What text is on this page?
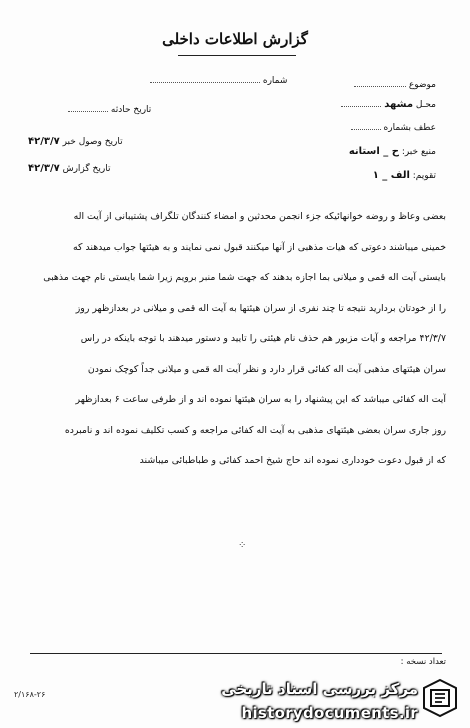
گزارش اطلاعات داخلی
موضوع
محـل مشهد
عطف بشماره
منبع خبر: ح _ استانه
تقویم: الف _ ۱
شماره
تاریخ حادثه
تاریخ وصول خبر ۴۲/۳/۷
تاریخ گزارش ۴۲/۳/۷

بعضی وعاظ و روضه خوانهائیکه جزء انجمن محدثین و امضاء کنندگان تلگراف پشتیبانی از آیت اله

خمینی میباشند دعوتی که هیات مذهبی از آنها میکنند قبول نمی نمایند و به هیئتها جواب میدهند که

بایستی آیت اله قمی و میلانی بما اجازه بدهند که جهت شما منبر برویم زیرا شما بایستی نام جهت مذهبی

را از خودتان بردارید نتیجه تا چند نفری از سران هیئتها به آیت اله قمی و میلانی در بعدازظهر روز

۴۲/۳/۷ مراجعه و آیات مزبور هم حذف نام هیئتی را تایید و دستور میدهند با توجه باینکه در راس

سران هیئتهای مذهبی آیت اله کفائی قرار دارد و نظر آیت اله قمی و میلانی جداً کوچک نمودن

آیت اله کفائی میباشد که این پیشنهاد را به سران هیئتها نموده اند و از طرفی ساعت ۶ بعدازظهر

روز جاری سران بعضی هیئتهای مذهبی به آیت اله کفائی مراجعه و کسب تکلیف نموده اند و نامبرده

که از قبول دعوت خودداری نموده اند حاج شیخ احمد کفائی و طباطبائی میباشند

⁘
تعداد نسخه :
۲/۱۶۸-۲۶	مرکز بررسی اسناد تاریخی
historydocuments.ir
